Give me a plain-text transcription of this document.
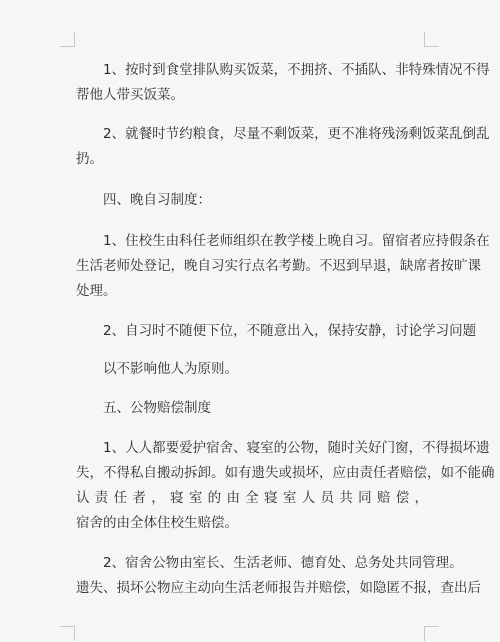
　　1、按时到食堂排队购买饭菜，不拥挤、不插队、非特殊情况不得
帮他人带买饭菜。

　　2、就餐时节约粮食，尽量不剩饭菜，更不准将残汤剩饭菜乱倒乱
扔。

　　四、晚自习制度：

　　1、住校生由科任老师组织在教学楼上晚自习。留宿者应持假条在
生活老师处登记，晚自习实行点名考勤。不迟到早退，缺席者按旷课
处理。

　　2、自习时不随便下位，不随意出入，保持安静，讨论学习问题

　　以不影响他人为原则。

　　五、公物赔偿制度

　　1、人人都要爱护宿舍、寝室的公物，随时关好门窗，不得损坏遗
失，不得私自搬动拆卸。如有遗失或损坏，应由责任者赔偿，如不能确
认责任者，寝室的由全寝室人员共同赔偿，
宿舍的由全体住校生赔偿。

　　2、宿舍公物由室长、生活老师、德育处、总务处共同管理。
遗失、损坏公物应主动向生活老师报告并赔偿，如隐匿不报，查出后
